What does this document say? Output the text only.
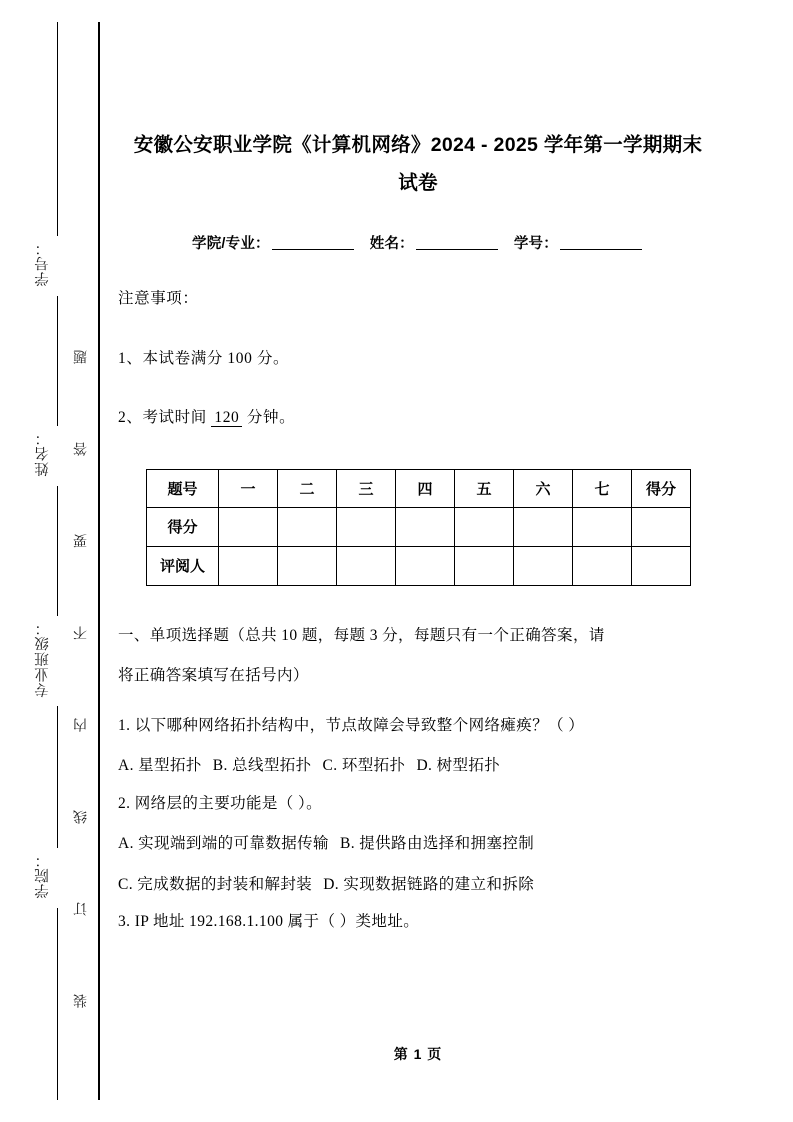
学号：
姓名：
专业班级：
学院：
题
答
要
不
内
线
订
装
安徽公安职业学院《计算机网络》2024 - 2025 学年第一学期期末试卷
学院/专业：	姓名：	学号：
注意事项：
1、本试卷满分 100 分。
2、考试时间 120 分钟。
题号	一	二	三	四	五	六	七	得分
得分								
评阅人								
一、单项选择题（总共 10 题，每题 3 分，每题只有一个正确答案，请
将正确答案填写在括号内）
1. 以下哪种网络拓扑结构中，节点故障会导致整个网络瘫痪？（ ）
A. 星型拓扑 B. 总线型拓扑 C. 环型拓扑 D. 树型拓扑
2. 网络层的主要功能是（ ）。
A. 实现端到端的可靠数据传输 B. 提供路由选择和拥塞控制
C. 完成数据的封装和解封装 D. 实现数据链路的建立和拆除
3. IP 地址 192.168.1.100 属于（ ）类地址。
第 1 页
